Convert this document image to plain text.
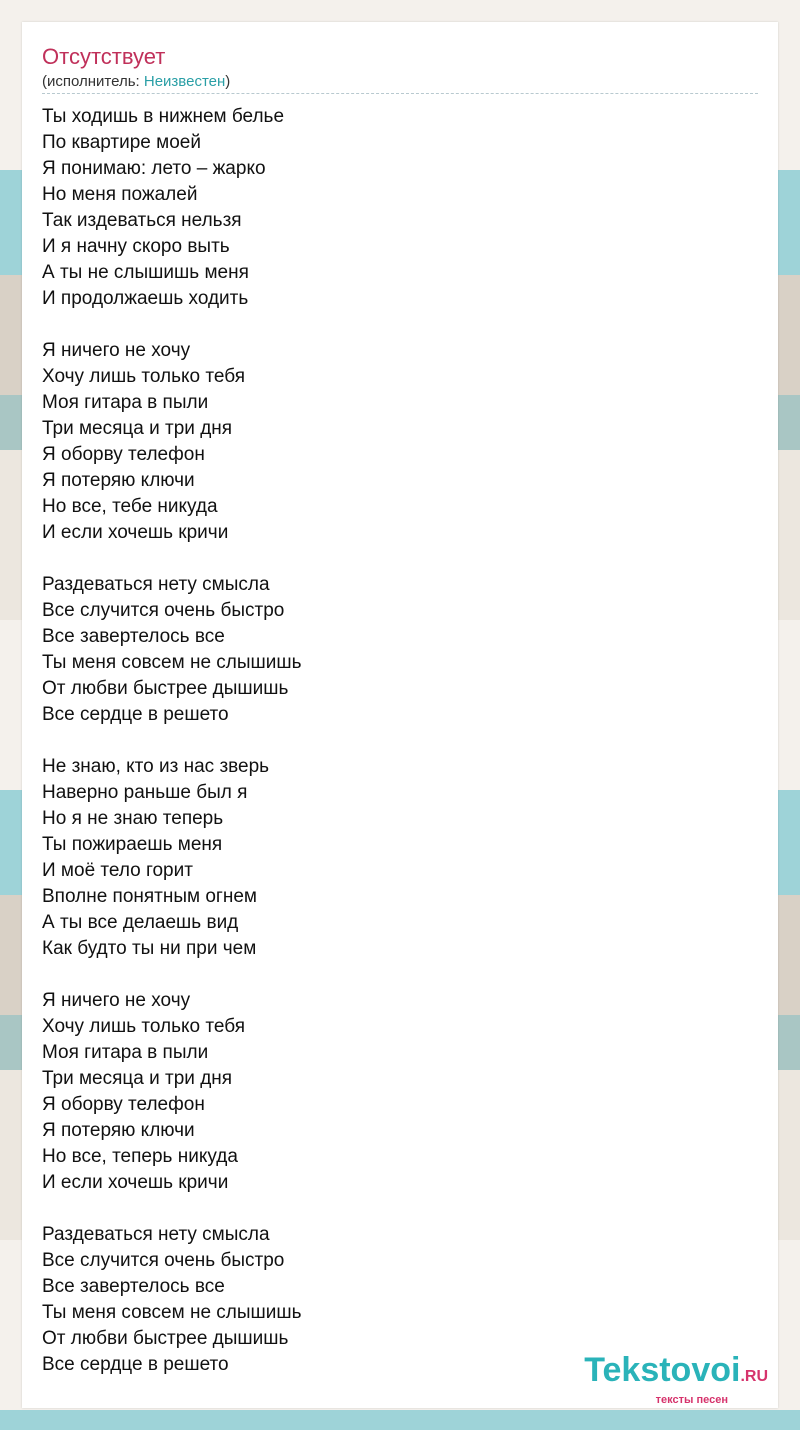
Отсутствует
(исполнитель: Неизвестен)
Ты ходишь в нижнем белье
По квартире моей
Я понимаю: лето – жарко
Но меня пожалей
Так издеваться нельзя
И я начну скоро выть
А ты не слышишь меня
И продолжаешь ходить
Я ничего не хочу
Хочу лишь только тебя
Моя гитара в пыли
Три месяца и три дня
Я оборву телефон
Я потеряю ключи
Но все, тебе никуда
И если хочешь кричи
Раздеваться нету смысла
Все случится очень быстро
Все завертелось все
Ты меня совсем не слышишь
От любви быстрее дышишь
Все сердце в решето
Не знаю, кто из нас зверь
Наверно раньше был я
Но я не знаю теперь
Ты пожираешь меня
И моё тело горит
Вполне понятным огнем
А ты все делаешь вид
Как будто ты ни при чем
Я ничего не хочу
Хочу лишь только тебя
Моя гитара в пыли
Три месяца и три дня
Я оборву телефон
Я потеряю ключи
Но все, теперь никуда
И если хочешь кричи
Раздеваться нету смысла
Все случится очень быстро
Все завертелось все
Ты меня совсем не слышишь
От любви быстрее дышишь
Все сердце в решето	Tekstovoi.RU
тексты песен
